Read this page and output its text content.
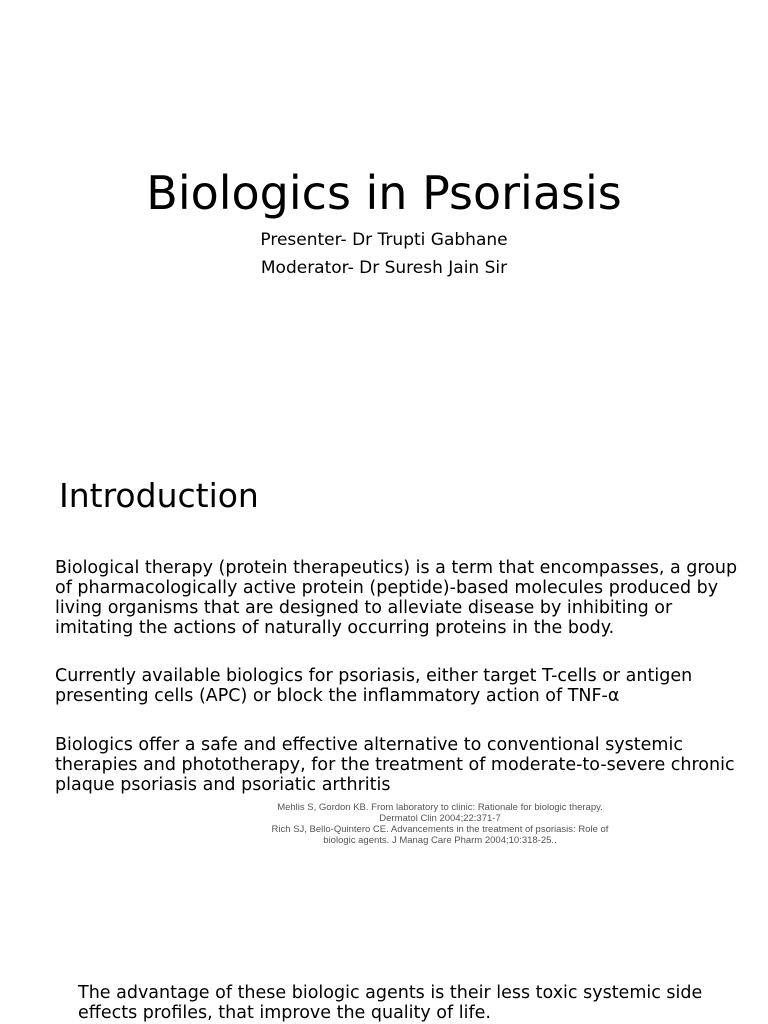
Biologics in Psoriasis

Presenter- Dr Trupti Gabhane

Moderator- Dr Suresh Jain Sir

Introduction

Biological therapy (protein therapeutics) is a term that encompasses, a group of pharmacologically active protein (peptide)-based molecules produced by living organisms that are designed to alleviate disease by inhibiting or imitating the actions of naturally occurring proteins in the body.

Currently available biologics for psoriasis, either target T-cells or antigen presenting cells (APC) or block the inflammatory action of TNF-α

Biologics offer a safe and effective alternative to conventional systemic therapies and phototherapy, for the treatment of moderate-to-severe chronic plaque psoriasis and psoriatic arthritis

Mehlis S, Gordon KB. From laboratory to clinic: Rationale for biologic therapy.
Dermatol Clin 2004;22:371-7
Rich SJ, Bello-Quintero CE. Advancements in the treatment of psoriasis: Role of
biologic agents. J Manag Care Pharm 2004;10:318-25..

The advantage of these biologic agents is their less toxic systemic side effects profiles, that improve the quality of life.
